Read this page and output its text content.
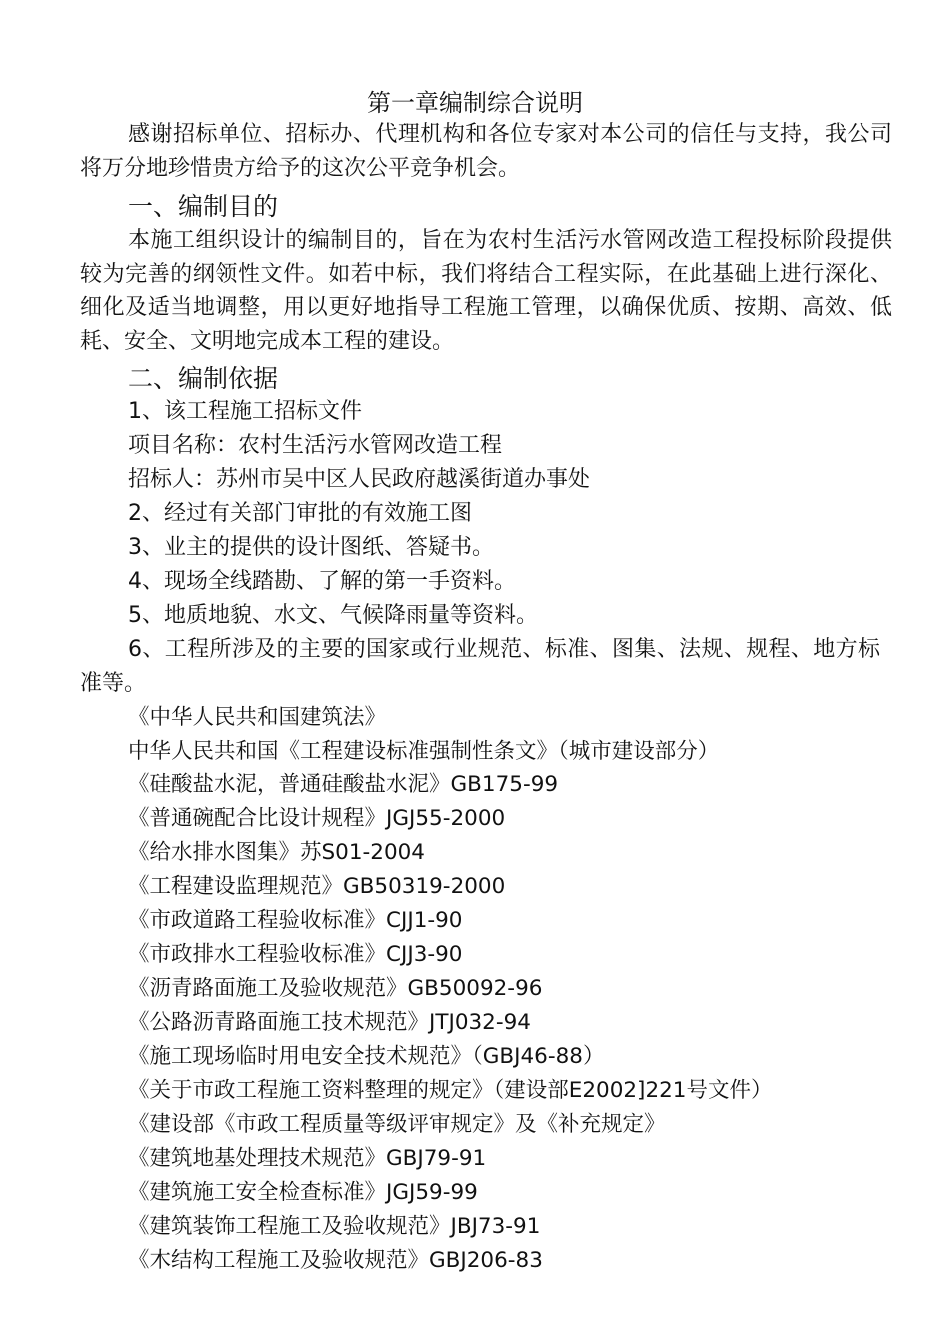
第一章编制综合说明
感谢招标单位、招标办、代理机构和各位专家对本公司的信任与支持，我公司将万分地珍惜贵方给予的这次公平竞争机会。
一、编制目的
本施工组织设计的编制目的，旨在为农村生活污水管网改造工程投标阶段提供较为完善的纲领性文件。如若中标，我们将结合工程实际，在此基础上进行深化、细化及适当地调整，用以更好地指导工程施工管理，以确保优质、按期、高效、低耗、安全、文明地完成本工程的建设。
二、编制依据
1、该工程施工招标文件
项目名称：农村生活污水管网改造工程
招标人：苏州市吴中区人民政府越溪街道办事处
2、经过有关部门审批的有效施工图
3、业主的提供的设计图纸、答疑书。
4、现场全线踏勘、了解的第一手资料。
5、地质地貌、水文、气候降雨量等资料。
6、工程所涉及的主要的国家或行业规范、标准、图集、法规、规程、地方标准等。
《中华人民共和国建筑法》
中华人民共和国《工程建设标准强制性条文》（城市建设部分）
《硅酸盐水泥，普通硅酸盐水泥》GB175-99
《普通碗配合比设计规程》JGJ55-2000
《给水排水图集》苏S01-2004
《工程建设监理规范》GB50319-2000
《市政道路工程验收标准》CJJ1-90
《市政排水工程验收标准》CJJ3-90
《沥青路面施工及验收规范》GB50092-96
《公路沥青路面施工技术规范》JTJ032-94
《施工现场临时用电安全技术规范》（GBJ46-88）
《关于市政工程施工资料整理的规定》（建设部E2002]221号文件）
《建设部《市政工程质量等级评审规定》及《补充规定》
《建筑地基处理技术规范》GBJ79-91
《建筑施工安全检查标准》JGJ59-99
《建筑装饰工程施工及验收规范》JBJ73-91
《木结构工程施工及验收规范》GBJ206-83
